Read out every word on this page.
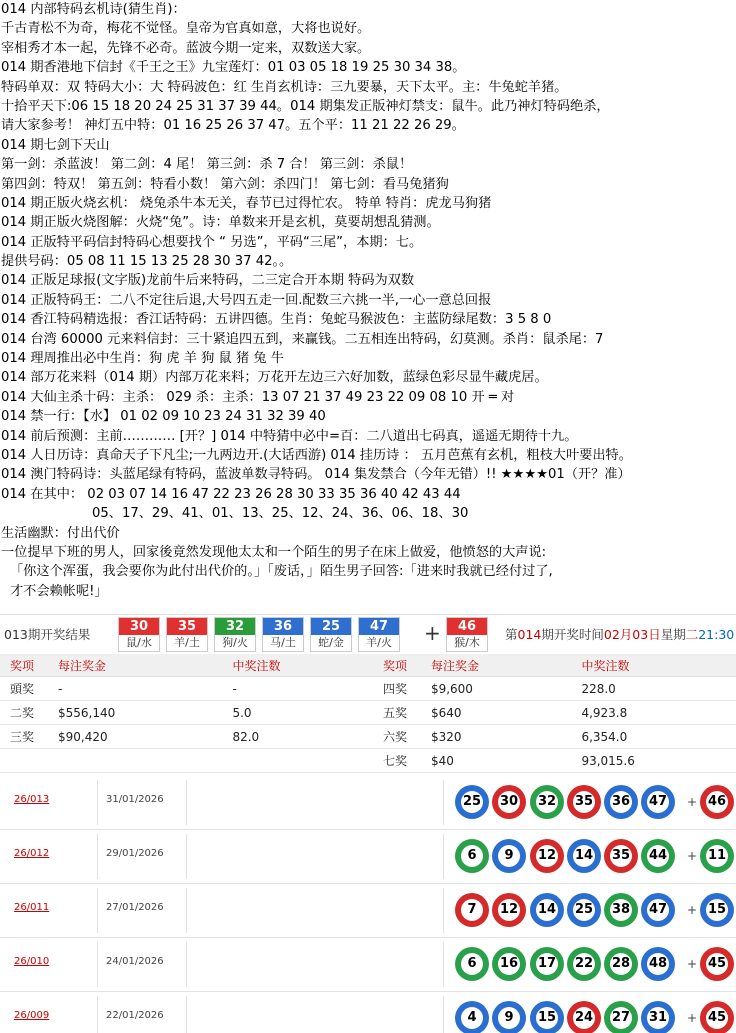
014 内部特码玄机诗(猜生肖)：
千古青松不为奇，梅花不觉怪。皇帝为官真如意，大将也说好。
宰相秀才本一起，先锋不必奇。蓝波今期一定来，双数送大家。
014 期香港地下信封《千王之王》九宝莲灯：01 03 05 18 19 25 30 34 38。
特码单双：双 特码大小：大 特码波色：红 生肖玄机诗：三九要暴，天下太平。主：牛兔蛇羊猪。
十拾平天下:06 15 18 20 24 25 31 37 39 44。014 期集发正版神灯禁支：鼠牛。此乃神灯特码绝杀，
请大家参考！ 神灯五中特：01 16 25 26 37 47。五个平：11 21 22 26 29。
014 期七剑下天山
第一剑：杀蓝波！ 第二剑：4 尾！ 第三剑：杀 7 合！ 第三剑：杀鼠！
第四剑：特双！ 第五剑：特看小数！ 第六剑：杀四门！ 第七剑：看马兔猪狗
014 期正版火烧玄机： 烧兔杀牛本无关，春节已过得忙农。 特单 特肖：虎龙马狗猪
014 期正版火烧图解：火烧“兔”。诗：单数来开是玄机，莫要胡想乱猜测。
014 正版特平码信封特码心想要找个 “ 另选”，平码“三尾”，本期：七。
提供号码：05 08 11 15 13 25 28 30 37 42。。
014 正版足球报(文字版)龙前牛后来特码，二三定合开本期 特码为双数
014 正版特码王：二八不定往后退,大号四五走一回.配数三六挑一半,一心一意总回报
014 香江特码精选报：香江话特码：五讲四德。生肖：兔蛇马猴波色：主蓝防绿尾数：3 5 8 0
014 台湾 60000 元来料信封：三十紧追四五到，来赢钱。二五相连出特码，幻莫测。杀肖：鼠杀尾：7
014 理周推出必中生肖：狗 虎 羊 狗 鼠 猪 兔 牛
014 部万花来料（014 期）内部万花来料；万花开左边三六好加数，蓝绿色彩尽显牛藏虎居。
014 大仙主杀十码：主杀： 029 杀：主杀：13 07 21 37 49 23 22 09 08 10 开 ═ 对
014 禁一行：【水】 01 02 09 10 23 24 31 32 39 40
014 前后预测：主前………… [开？] 014 中特猜中必中=百：二八道出七码真，遥遥无期待十九。
014 人日历诗：真命天子下凡尘;一九两边开.(大话西游) 014 挂历诗 ： 五月芭蕉有玄机，粗枝大叶要出特。
014 澳门特码诗：头蓝尾绿有特码，蓝波单数寻特码。 014 集发禁合（今年无错）!! ★★★★01（开？准）
014 在其中： 02 03 07 14 16 47 22 23 26 28 30 33 35 36 40 42 43 44
05、17、29、41、01、13、25、12、24、36、06、18、30
生活幽默：付出代价
一位提早下班的男人，回家後竟然发现他太太和一个陌生的男子在床上做爱，他愤怒的大声说:
「你这个浑蛋，我会要你为此付出代价的。」「废话，」陌生男子回答:「进来时我就已经付过了,
才不会赖帐呢!」
013期开奖结果
30
鼠/水
35
羊/土
32
狗/火
36
马/土
25
蛇/金
47
羊/火
46
猴/木
+	第014期开奖时间02月03日星期二21:30
奖项	每注奖金	中奖注数	奖项	每注奖金	中奖注数
頭奖	-	-	四奖	$9,600	228.0
二奖	$556,140	5.0	五奖	$640	4,923.8
三奖	$90,420	82.0	六奖	$320	6,354.0
			七奖	$40	93,015.6
26/013	31/01/2026	25 30 32 35 36 47 + 46
26/012	29/01/2026	6	9	12 14 35 44 + 11
26/011	27/01/2026	7	12 14 25 38 47 + 15
26/010	24/01/2026	6	16 17 22 28 48 + 45
26/009	22/01/2026	4	9	15 24 27 31 + 45
